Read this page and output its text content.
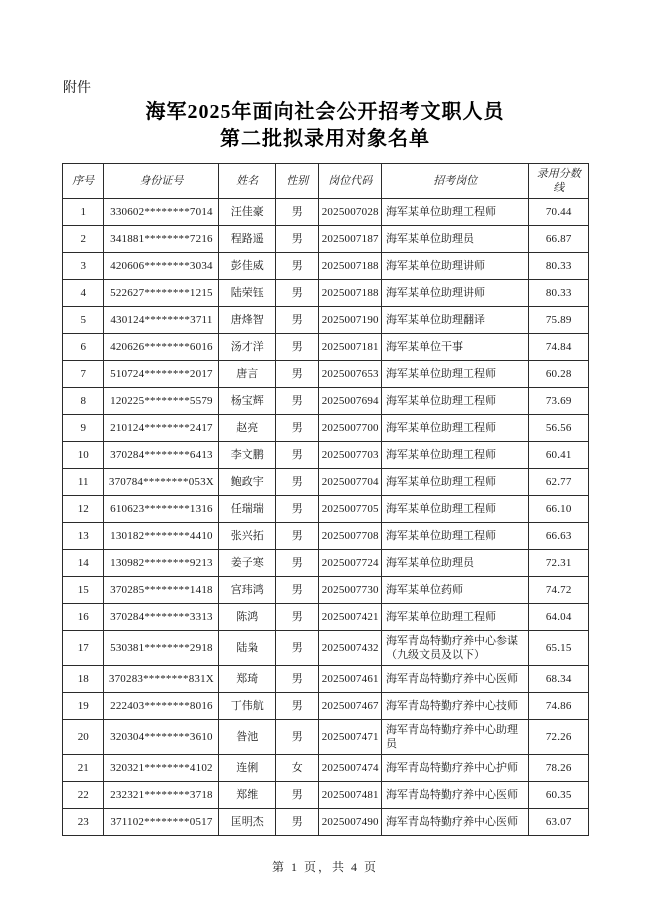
附件
海军2025年面向社会公开招考文职人员
第二批拟录用对象名单
序号	身份证号	姓名	性别	岗位代码	招考岗位	录用分数线
1	330602********7014	汪佳豪	男	2025007028	海军某单位助理工程师	70.44
2	341881********7216	程路遥	男	2025007187	海军某单位助理员	66.87
3	420606********3034	彭佳威	男	2025007188	海军某单位助理讲师	80.33
4	522627********1215	陆荣钰	男	2025007188	海军某单位助理讲师	80.33
5	430124********3711	唐烽智	男	2025007190	海军某单位助理翻译	75.89
6	420626********6016	汤才洋	男	2025007181	海军某单位干事	74.84
7	510724********2017	唐言	男	2025007653	海军某单位助理工程师	60.28
8	120225********5579	杨宝辉	男	2025007694	海军某单位助理工程师	73.69
9	210124********2417	赵亮	男	2025007700	海军某单位助理工程师	56.56
10	370284********6413	李文鹏	男	2025007703	海军某单位助理工程师	60.41
11	370784********053X	鲍政宇	男	2025007704	海军某单位助理工程师	62.77
12	610623********1316	任瑞瑞	男	2025007705	海军某单位助理工程师	66.10
13	130182********4410	张兴拓	男	2025007708	海军某单位助理工程师	66.63
14	130982********9213	姜子寒	男	2025007724	海军某单位助理员	72.31
15	370285********1418	宫玮鸿	男	2025007730	海军某单位药师	74.72
16	370284********3313	陈鸿	男	2025007421	海军某单位助理工程师	64.04
17	530381********2918	陆枭	男	2025007432	海军青岛特勤疗养中心参谋（九级文员及以下）	65.15
18	370283********831X	郑琦	男	2025007461	海军青岛特勤疗养中心医师	68.34
19	222403********8016	丁伟航	男	2025007467	海军青岛特勤疗养中心技师	74.86
20	320304********3610	昝池	男	2025007471	海军青岛特勤疗养中心助理员	72.26
21	320321********4102	连俐	女	2025007474	海军青岛特勤疗养中心护师	78.26
22	232321********3718	郑维	男	2025007481	海军青岛特勤疗养中心医师	60.35
23	371102********0517	匡明杰	男	2025007490	海军青岛特勤疗养中心医师	63.07
第 1 页，共 4 页
